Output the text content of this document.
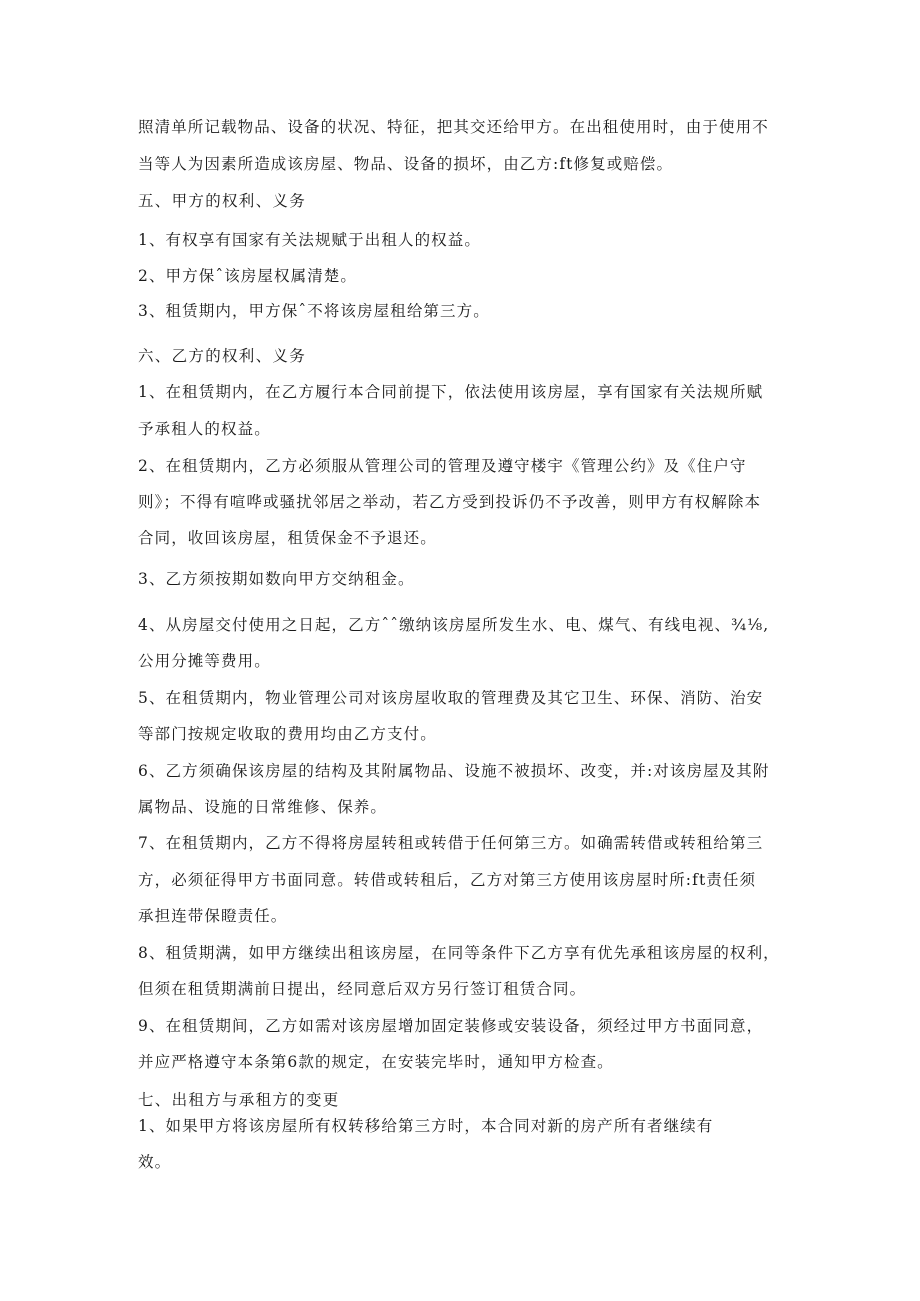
照清单所记载物品、设备的状况、特征，把其交还给甲方。在出租使用时，由于使用不
当等人为因素所造成该房屋、物品、设备的损坏，由乙方:ft修复或赔偿。
五、甲方的权利、义务
1、有权享有国家有关法规赋于出租人的权益。
2、甲方保ˆ该房屋权属清楚。
3、租赁期内，甲方保ˆ不将该房屋租给第三方。
六、乙方的权利、义务
1、在租赁期内，在乙方履行本合同前提下，依法使用该房屋，享有国家有关法规所赋
予承租人的权益。
2、在租赁期内，乙方必须服从管理公司的管理及遵守楼宇《管理公约》及《住户守
则》；不得有喧哗或骚扰邻居之举动，若乙方受到投诉仍不予改善，则甲方有权解除本
合同，收回该房屋，租赁保金不予退还。
3、乙方须按期如数向甲方交纳租金。
4、从房屋交付使用之日起，乙方ˆˆ缴纳该房屋所发生水、电、煤气、有线电视、¾⅛,
公用分摊等费用。
5、在租赁期内，物业管理公司对该房屋收取的管理费及其它卫生、环保、消防、治安
等部门按规定收取的费用均由乙方支付。
6、乙方须确保该房屋的结构及其附属物品、设施不被损坏、改变，并:对该房屋及其附
属物品、设施的日常维修、保养。
7、在租赁期内，乙方不得将房屋转租或转借于任何第三方。如确需转借或转租给第三
方，必须征得甲方书面同意。转借或转租后，乙方对第三方使用该房屋时所:ft责任须
承担连带保瞪责任。
8、租赁期满，如甲方继续出租该房屋，在同等条件下乙方享有优先承租该房屋的权利，
但须在租赁期满前日提出，经同意后双方另行签订租赁合同。
9、在租赁期间，乙方如需对该房屋增加固定装修或安装设备，须经过甲方书面同意，
并应严格遵守本条第6款的规定，在安装完毕时，通知甲方检查。
七、出租方与承租方的变更
1、如果甲方将该房屋所有权转移给第三方时，本合同对新的房产所有者继续有
效。
